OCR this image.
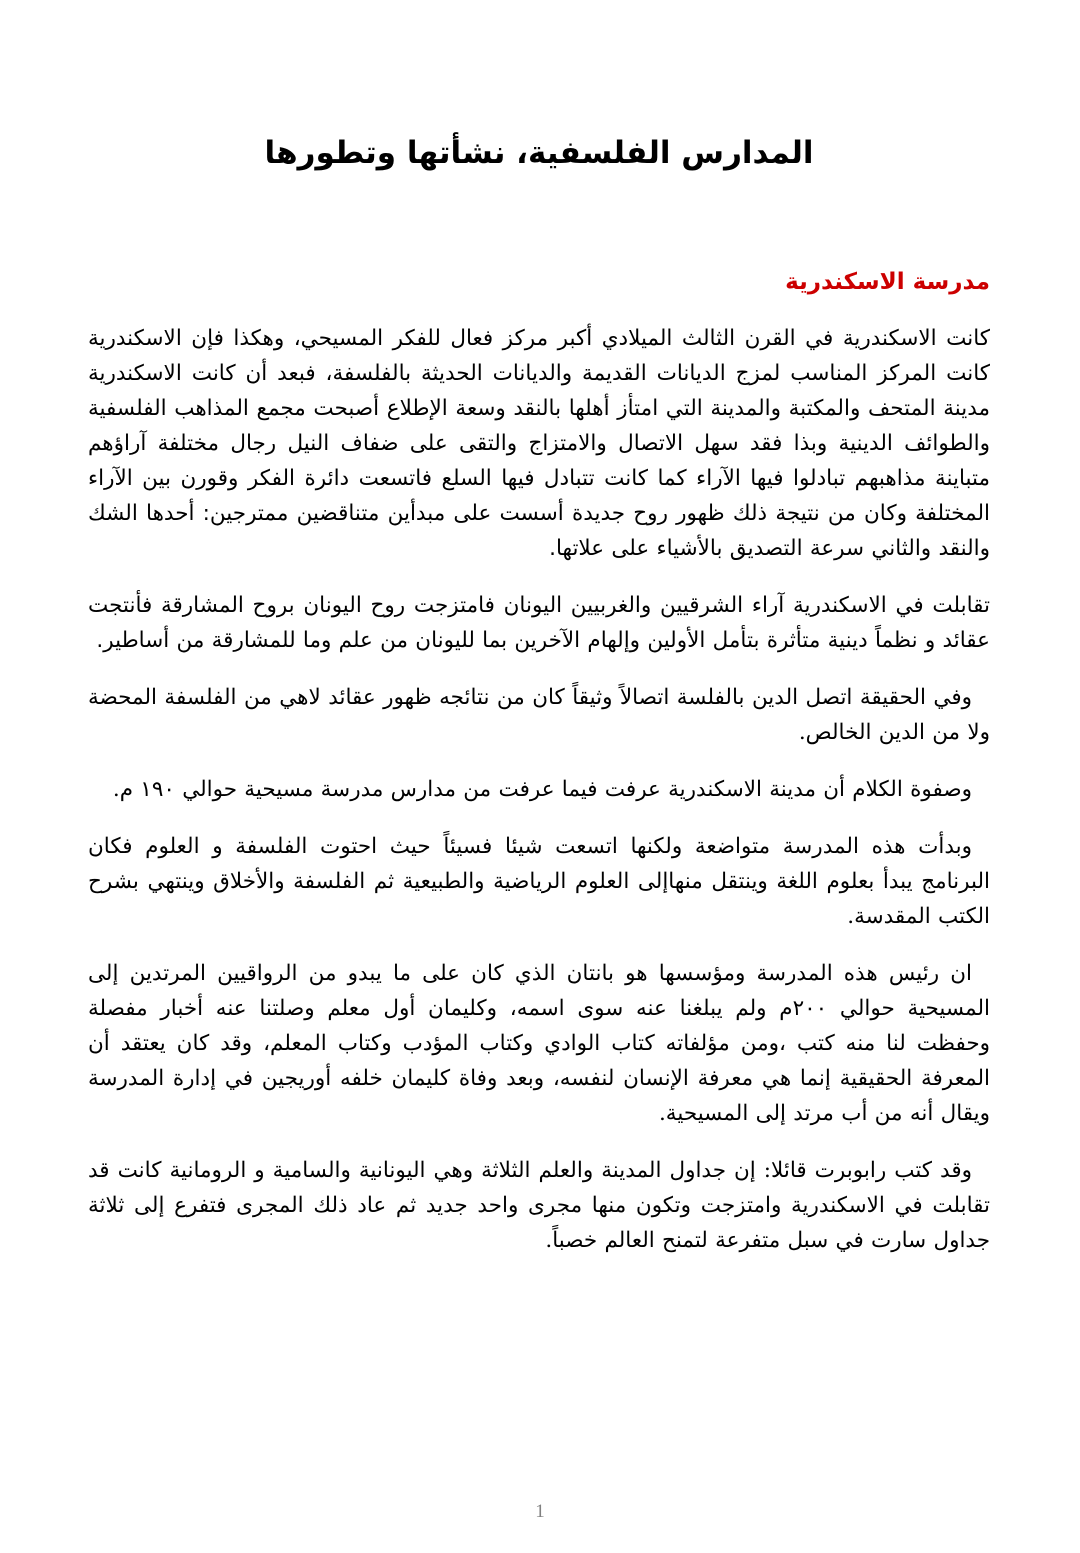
المدارس الفلسفية، نشأتها وتطورها
مدرسة الاسكندرية

كانت الاسكندرية في القرن الثالث الميلادي أكبر مركز فعال للفكر المسيحي، وهكذا فإن الاسكندرية كانت المركز المناسب لمزج الديانات القديمة والديانات الحديثة بالفلسفة، فبعد أن كانت الاسكندرية مدينة المتحف والمكتبة والمدينة التي امتأز أهلها بالنقد وسعة الإطلاع أصبحت مجمع المذاهب الفلسفية والطوائف الدينية وبذا فقد سهل الاتصال والامتزاج والتقى على ضفاف النيل رجال مختلفة آراؤهم متباينة مذاهبهم تبادلوا فيها الآراء كما كانت تتبادل فيها السلع فاتسعت دائرة الفكر وقورن بين الآراء المختلفة وكان من نتيجة ذلك ظهور روح جديدة أسست على مبدأين متناقضين ممترجين: أحدها الشك والنقد والثاني سرعة التصديق بالأشياء على علاتها.

تقابلت في الاسكندرية آراء الشرقيين والغربيين اليونان فامتزجت روح اليونان بروح المشارقة فأنتجت عقائد و نظماً دينية متأثرة بتأمل الأولين وإلهام الآخرين بما لليونان من علم وما للمشارقة من أساطير.

وفي الحقيقة اتصل الدين بالفلسة اتصالاً وثيقاً كان من نتائجه ظهور عقائد لاهي من الفلسفة المحضة ولا من الدين الخالص.

وصفوة الكلام أن مدينة الاسكندرية عرفت فيما عرفت من مدارس مدرسة مسيحية حوالي ١٩٠ م.

وبدأت هذه المدرسة متواضعة ولكنها اتسعت شيئا فسيئاً حيث احتوت الفلسفة و العلوم فكان البرنامج يبدأ بعلوم اللغة وينتقل منهاإلى العلوم الرياضية والطبيعية ثم الفلسفة والأخلاق وينتهي بشرح الكتب المقدسة.

ان رئيس هذه المدرسة ومؤسسها هو بانتان الذي كان على ما يبدو من الرواقيين المرتدين إلى المسيحية حوالي ٢٠٠م ولم يبلغنا عنه سوى اسمه، وكليمان أول معلم وصلتنا عنه أخبار مفصلة وحفظت لنا منه كتب ،ومن مؤلفاته كتاب الوادي وكتاب المؤدب وكتاب المعلم، وقد كان يعتقد أن المعرفة الحقيقية إنما هي معرفة الإنسان لنفسه، وبعد وفاة كليمان خلفه أوريجين في إدارة المدرسة ويقال أنه من أب مرتد إلى المسيحية.

وقد كتب رابوبرت قائلا: إن جداول المدينة والعلم الثلاثة وهي اليونانية والسامية و الرومانية كانت قد تقابلت في الاسكندرية وامتزجت وتكون منها مجرى واحد جديد ثم عاد ذلك المجرى فتفرع إلى ثلاثة جداول سارت في سبل متفرعة لتمنح العالم خصباً.

1
